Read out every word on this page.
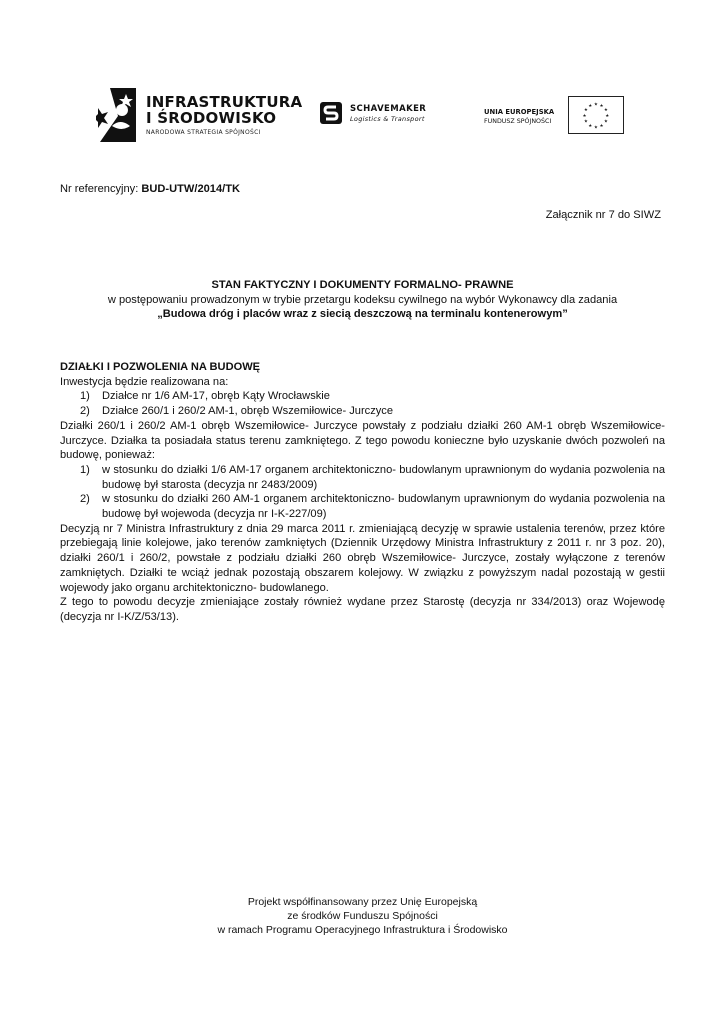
INFRASTRUKTURA
I ŚRODOWISKO
NARODOWA STRATEGIA SPÓJNOŚCI
SCHAVEMAKER
Logistics & Transport
UNIA EUROPEJSKA
FUNDUSZ SPÓJNOŚCI
★ ★
★
★
★
★
★
★
★
★
★
★
Nr referencyjny: BUD-UTW/2014/TK
Załącznik nr 7 do SIWZ
STAN FAKTYCZNY I DOKUMENTY FORMALNO- PRAWNE
w postępowaniu prowadzonym w trybie przetargu kodeksu cywilnego na wybór Wykonawcy dla zadania
„Budowa dróg i placów wraz z siecią deszczową na terminalu kontenerowym”

DZIAŁKI I POZWOLENIA NA BUDOWĘ

Inwestycja będzie realizowana na:

1) Działce nr 1/6 AM-17, obręb Kąty Wrocławskie
2) Działce 260/1 i 260/2 AM-1, obręb Wszemiłowice- Jurczyce

Działki 260/1 i 260/2 AM-1 obręb Wszemiłowice- Jurczyce powstały z podziału działki 260 AM-1 obręb Wszemiłowice- Jurczyce. Działka ta posiadała status terenu zamkniętego. Z tego powodu konieczne było uzyskanie dwóch pozwoleń na budowę, ponieważ:

1) w stosunku do działki 1/6 AM-17 organem architektoniczno- budowlanym uprawnionym do wydania pozwolenia na budowę był starosta (decyzja nr 2483/2009)
2) w stosunku do działki 260 AM-1 organem architektoniczno- budowlanym uprawnionym do wydania pozwolenia na budowę był wojewoda (decyzja nr I-K-227/09)

Decyzją nr 7 Ministra Infrastruktury z dnia 29 marca 2011 r. zmieniającą decyzję w sprawie ustalenia terenów, przez które przebiegają linie kolejowe, jako terenów zamkniętych (Dziennik Urzędowy Ministra Infrastruktury z 2011 r. nr 3 poz. 20), działki 260/1 i 260/2, powstałe z podziału działki 260 obręb Wszemiłowice- Jurczyce, zostały wyłączone z terenów zamkniętych. Działki te wciąż jednak pozostają obszarem kolejowy. W związku z powyższym nadal pozostają w gestii wojewody jako organu architektoniczno- budowlanego.

Z tego to powodu decyzje zmieniające zostały również wydane przez Starostę (decyzja nr 334/2013) oraz Wojewodę (decyzja nr I-K/Z/53/13).

Projekt współfinansowany przez Unię Europejską
ze środków Funduszu Spójności
w ramach Programu Operacyjnego Infrastruktura i Środowisko
